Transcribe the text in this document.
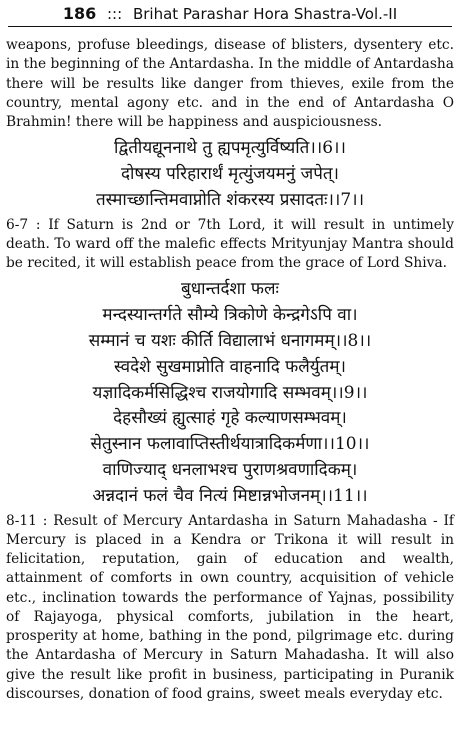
186 ::: Brihat Parashar Hora Shastra-Vol.-II

weapons, profuse bleedings, disease of blisters, dysentery etc. in the beginning of the Antardasha. In the middle of Antardasha there will be results like danger from thieves, exile from the country, mental agony etc. and in the end of Antardasha O Brahmin! there will be happiness and auspiciousness.

द्वितीयद्यूननाथे तु ह्यपमृत्युर्विष्यति।।6।।
दोषस्य परिहारार्थं मृत्युंजयमनुं जपेत्।
तस्माच्छान्तिमवाप्नोति शंकरस्य प्रसादतः।।7।।

6-7 : If Saturn is 2nd or 7th Lord, it will result in untimely death. To ward off the malefic effects Mrityunjay Mantra should be recited, it will establish peace from the grace of Lord Shiva.

बुधान्तर्दशा फलः
मन्दस्यान्तर्गते सौम्ये त्रिकोणे केन्द्रगेऽपि वा।
सम्मानं च यशः कीर्ति विद्यालाभं धनागमम्।।8।।
स्वदेशे सुखमाप्नोति वाहनादि फलैर्युतम्।
यज्ञादिकर्मसिद्धिश्च राजयोगादि सम्भवम्।।9।।
देहसौख्यं ह्युत्साहं गृहे कल्याणसम्भवम्।
सेतुस्नान फलावाप्तिस्तीर्थयात्रादिकर्मणा।।10।।
वाणिज्याद् धनलाभश्च पुराणश्रवणादिकम्।
अन्नदानं फलं चैव नित्यं मिष्टान्नभोजनम्।।11।।

8-11 : Result of Mercury Antardasha in Saturn Mahadasha - If Mercury is placed in a Kendra or Trikona it will result in felicitation, reputation, gain of education and wealth, attainment of comforts in own country, acquisition of vehicle etc., inclination towards the performance of Yajnas, possibility of Rajayoga, physical comforts, jubilation in the heart, prosperity at home, bathing in the pond, pilgrimage etc. during the Antardasha of Mercury in Saturn Mahadasha. It will also give the result like profit in business, participating in Puranik discourses, donation of food grains, sweet meals everyday etc.
